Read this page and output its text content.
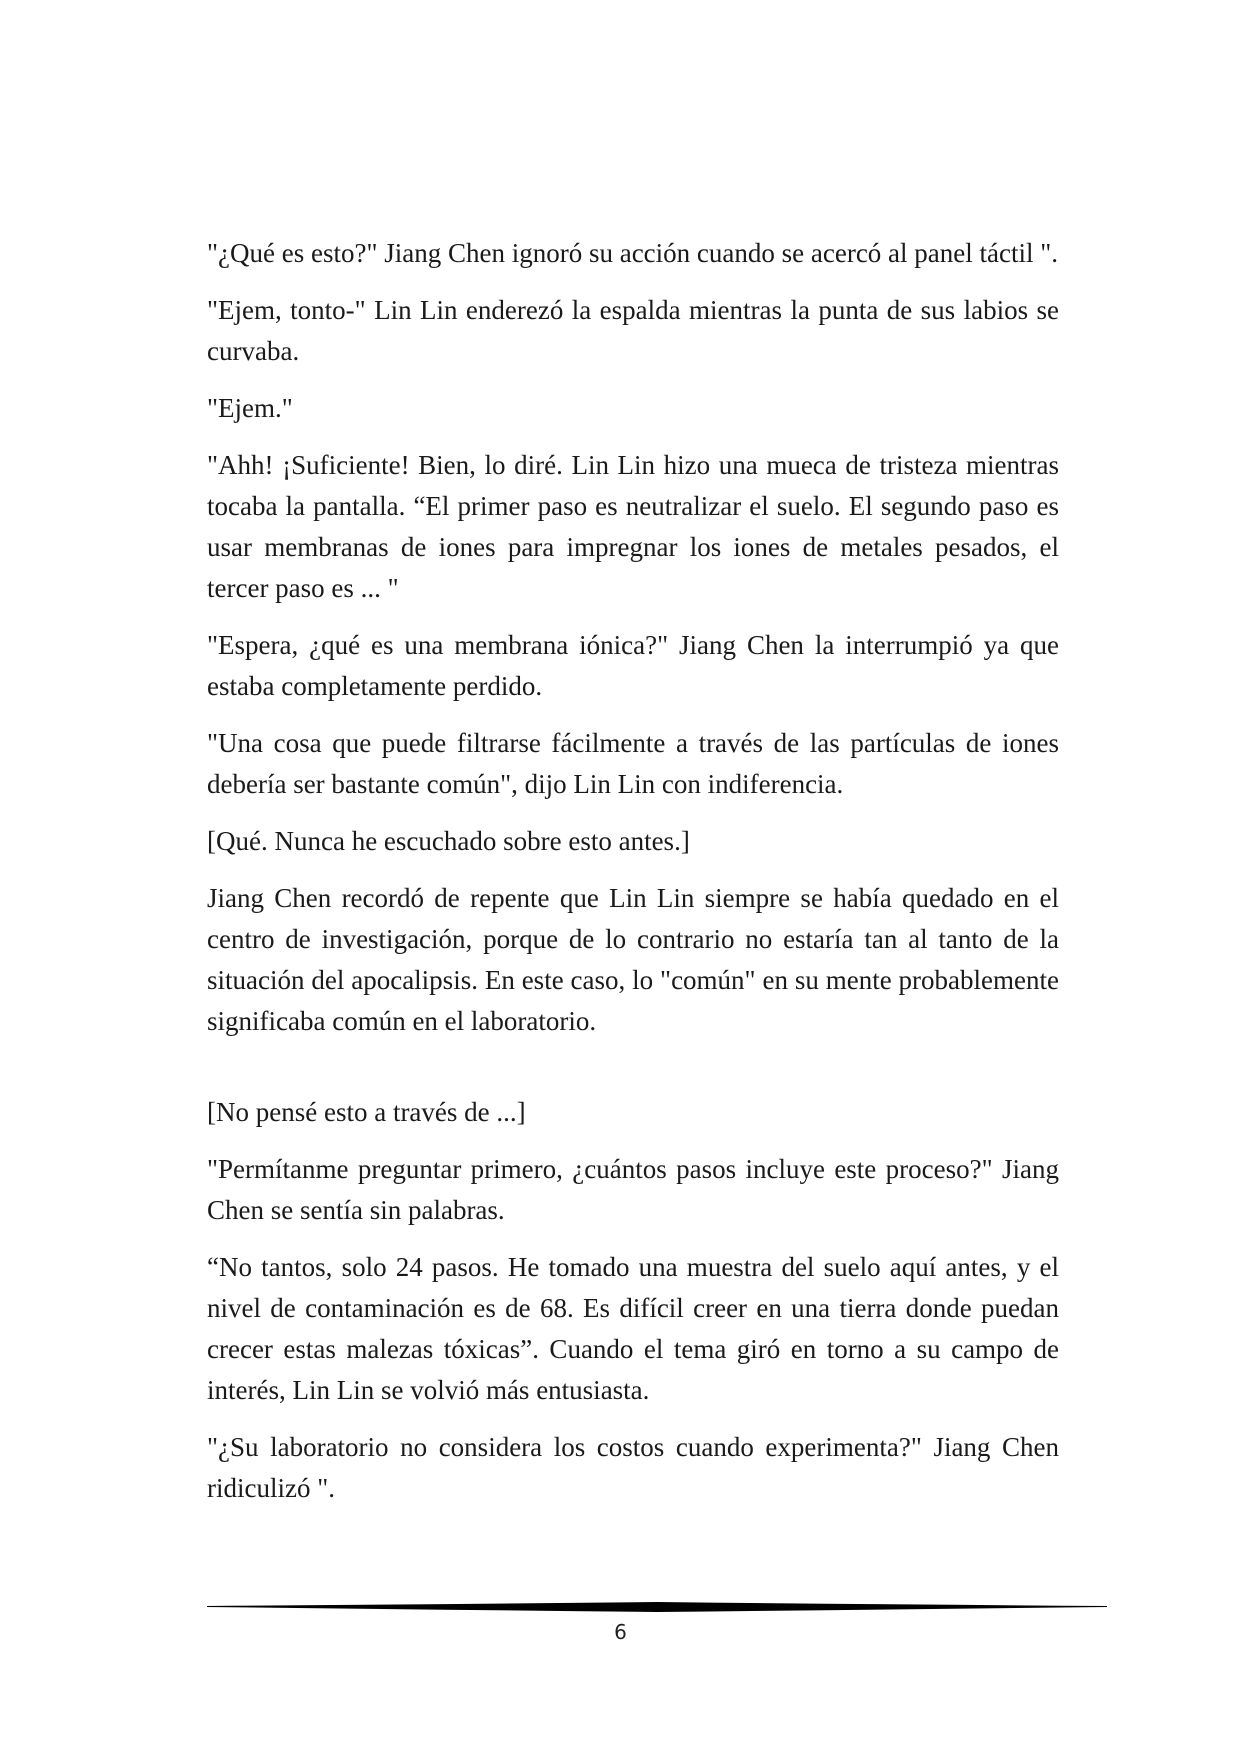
"¿Qué es esto?" Jiang Chen ignoró su acción cuando se acercó al panel táctil ".

"Ejem, tonto-" Lin Lin enderezó la espalda mientras la punta de sus labios se curvaba.

"Ejem."

"Ahh! ¡Suficiente! Bien, lo diré. Lin Lin hizo una mueca de tristeza mientras tocaba la pantalla. “El primer paso es neutralizar el suelo. El segundo paso es usar membranas de iones para impregnar los iones de metales pesados, el tercer paso es ... "

"Espera, ¿qué es una membrana iónica?" Jiang Chen la interrumpió ya que estaba completamente perdido.

"Una cosa que puede filtrarse fácilmente a través de las partículas de iones debería ser bastante común", dijo Lin Lin con indiferencia.

[Qué. Nunca he escuchado sobre esto antes.]

Jiang Chen recordó de repente que Lin Lin siempre se había quedado en el centro de investigación, porque de lo contrario no estaría tan al tanto de la situación del apocalipsis. En este caso, lo "común" en su mente probablemente significaba común en el laboratorio.

[No pensé esto a través de ...]

"Permítanme preguntar primero, ¿cuántos pasos incluye este proceso?" Jiang Chen se sentía sin palabras.

“No tantos, solo 24 pasos. He tomado una muestra del suelo aquí antes, y el nivel de contaminación es de 68. Es difícil creer en una tierra donde puedan crecer estas malezas tóxicas”. Cuando el tema giró en torno a su campo de interés, Lin Lin se volvió más entusiasta.

"¿Su laboratorio no considera los costos cuando experimenta?" Jiang Chen ridiculizó ".

6
